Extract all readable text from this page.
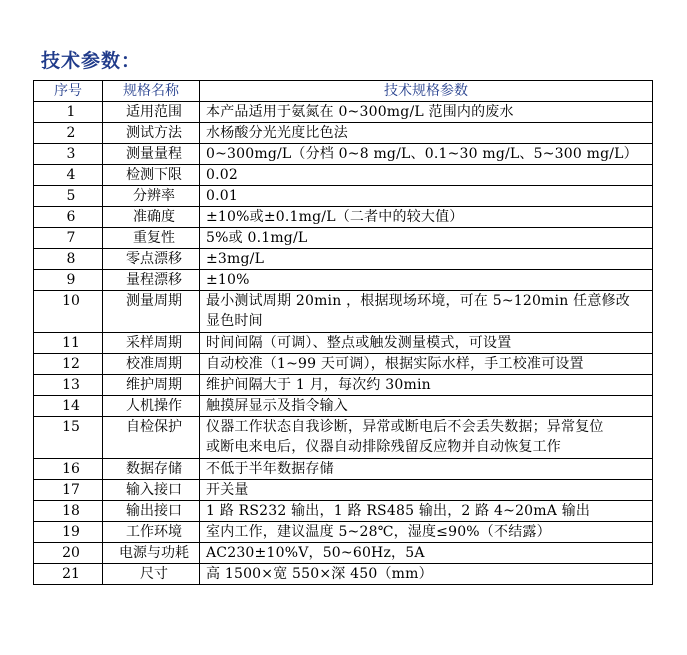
技术参数：
序号	规格名称	技术规格参数
1	适用范围	本产品适用于氨氮在 0~300mg/L 范围内的废水
2	测试方法	水杨酸分光光度比色法
3	测量量程	0~300mg/L（分档 0~8 mg/L、0.1~30 mg/L、5~300 mg/L）
4	检测下限	0.02
5	分辨率	0.01
6	准确度	±10%或±0.1mg/L（二者中的较大值）
7	重复性	5%或 0.1mg/L
8	零点漂移	±3mg/L
9	量程漂移	±10%
10	测量周期	最小测试周期 20min ，根据现场环境，可在 5~120min 任意修改
显色时间

11	采样周期	时间间隔（可调）、整点或触发测量模式，可设置
12	校准周期	自动校准（1~99 天可调），根据实际水样，手工校准可设置
13	维护周期	维护间隔大于 1 月，每次约 30min
14	人机操作	触摸屏显示及指令输入
15	自检保护	仪器工作状态自我诊断，异常或断电后不会丢失数据；异常复位
或断电来电后，仪器自动排除残留反应物并自动恢复工作

16	数据存储	不低于半年数据存储
17	输入接口	开关量
18	输出接口	1 路 RS232 输出，1 路 RS485 输出，2 路 4~20mA 输出
19	工作环境	室内工作，建议温度 5~28℃，湿度≤90%（不结露）
20	电源与功耗	AC230±10%V，50~60Hz，5A
21	尺寸	高 1500×宽 550×深 450（mm）
